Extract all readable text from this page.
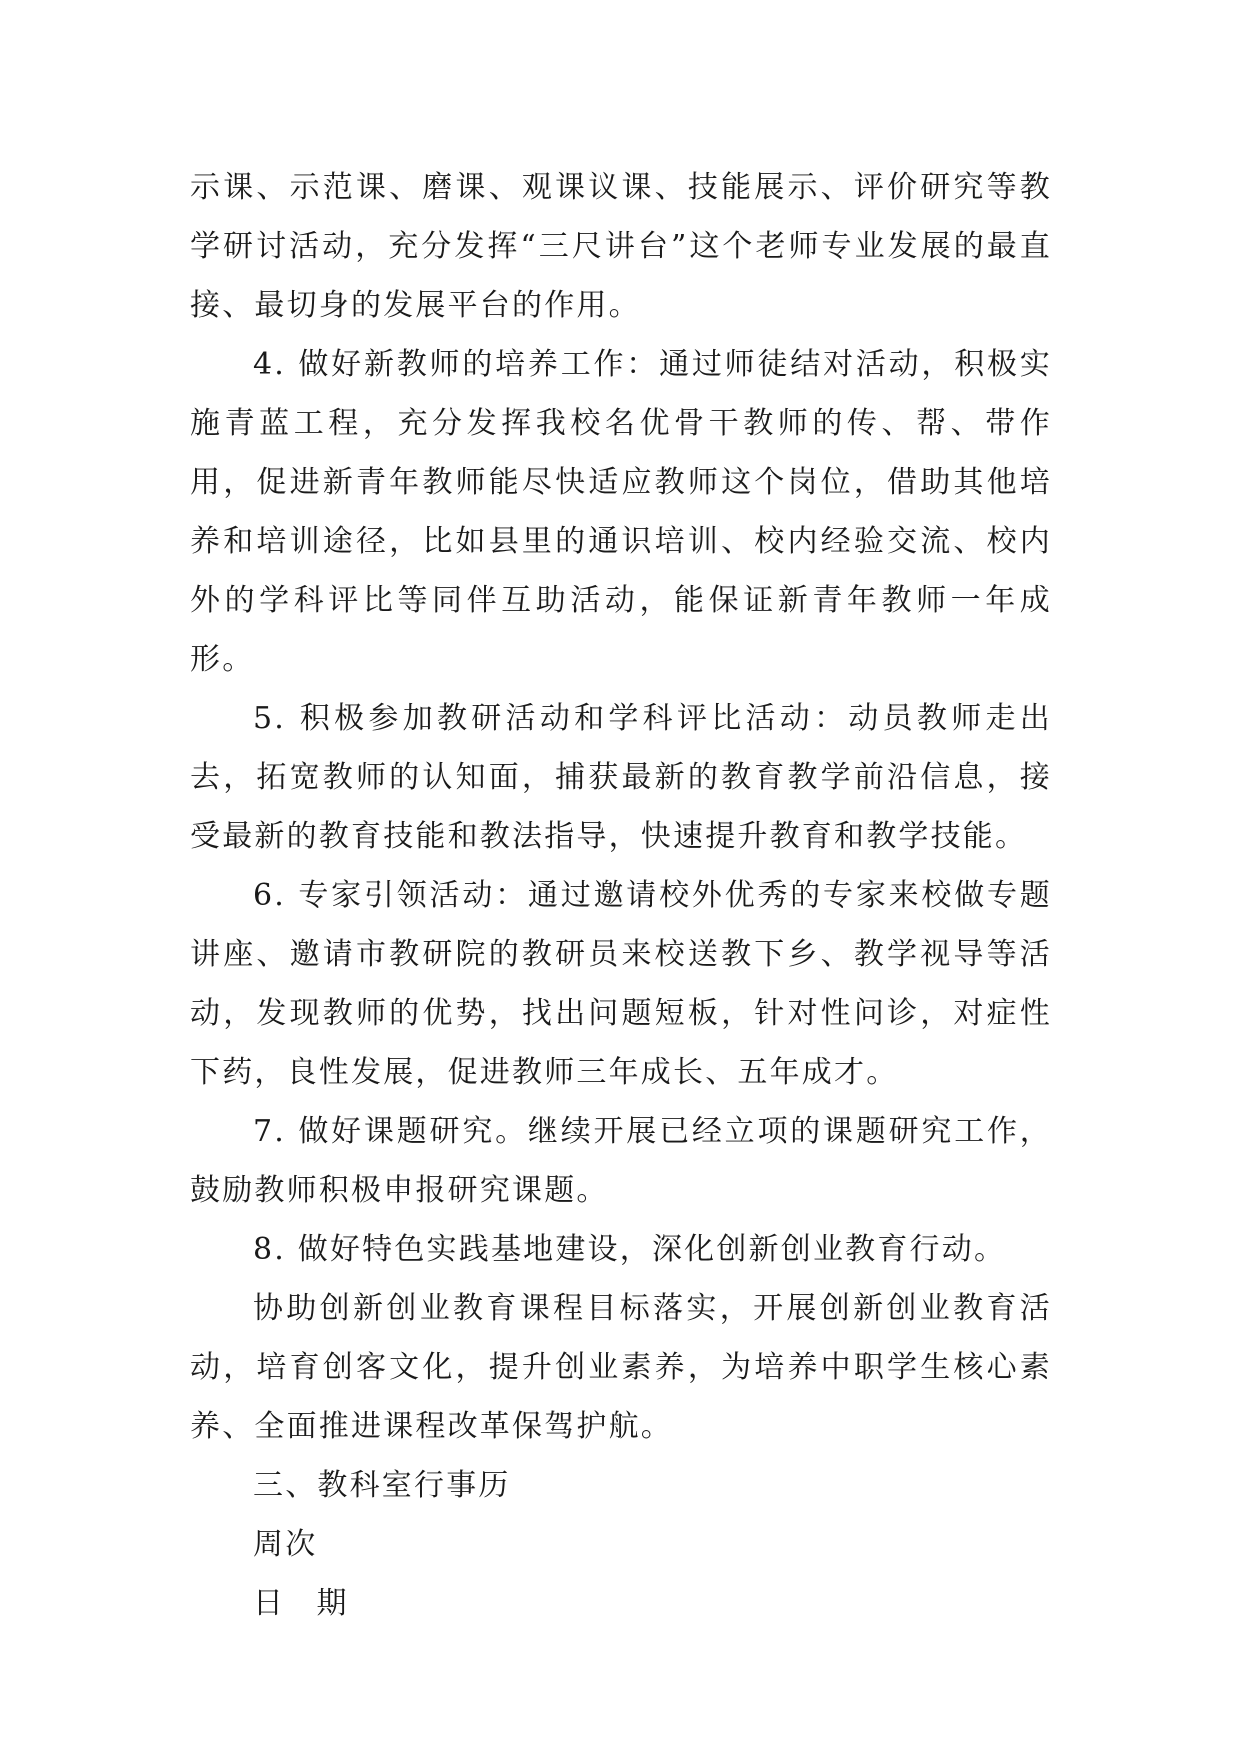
示课、示范课、磨课、观课议课、技能展示、评价研究等教学研讨活动，充分发挥“三尺讲台”这个老师专业发展的最直接、最切身的发展平台的作用。

4. 做好新教师的培养工作：通过师徒结对活动，积极实施青蓝工程，充分发挥我校名优骨干教师的传、帮、带作用，促进新青年教师能尽快适应教师这个岗位，借助其他培养和培训途径，比如县里的通识培训、校内经验交流、校内外的学科评比等同伴互助活动，能保证新青年教师一年成形。

5. 积极参加教研活动和学科评比活动：动员教师走出去，拓宽教师的认知面，捕获最新的教育教学前沿信息，接受最新的教育技能和教法指导，快速提升教育和教学技能。

6. 专家引领活动：通过邀请校外优秀的专家来校做专题讲座、邀请市教研院的教研员来校送教下乡、教学视导等活动，发现教师的优势，找出问题短板，针对性问诊，对症性下药，良性发展，促进教师三年成长、五年成才。

7. 做好课题研究。继续开展已经立项的课题研究工作，鼓励教师积极申报研究课题。

8. 做好特色实践基地建设，深化创新创业教育行动。

协助创新创业教育课程目标落实，开展创新创业教育活动，培育创客文化，提升创业素养，为培养中职学生核心素养、全面推进课程改革保驾护航。

三、教科室行事历

周次

日 期
